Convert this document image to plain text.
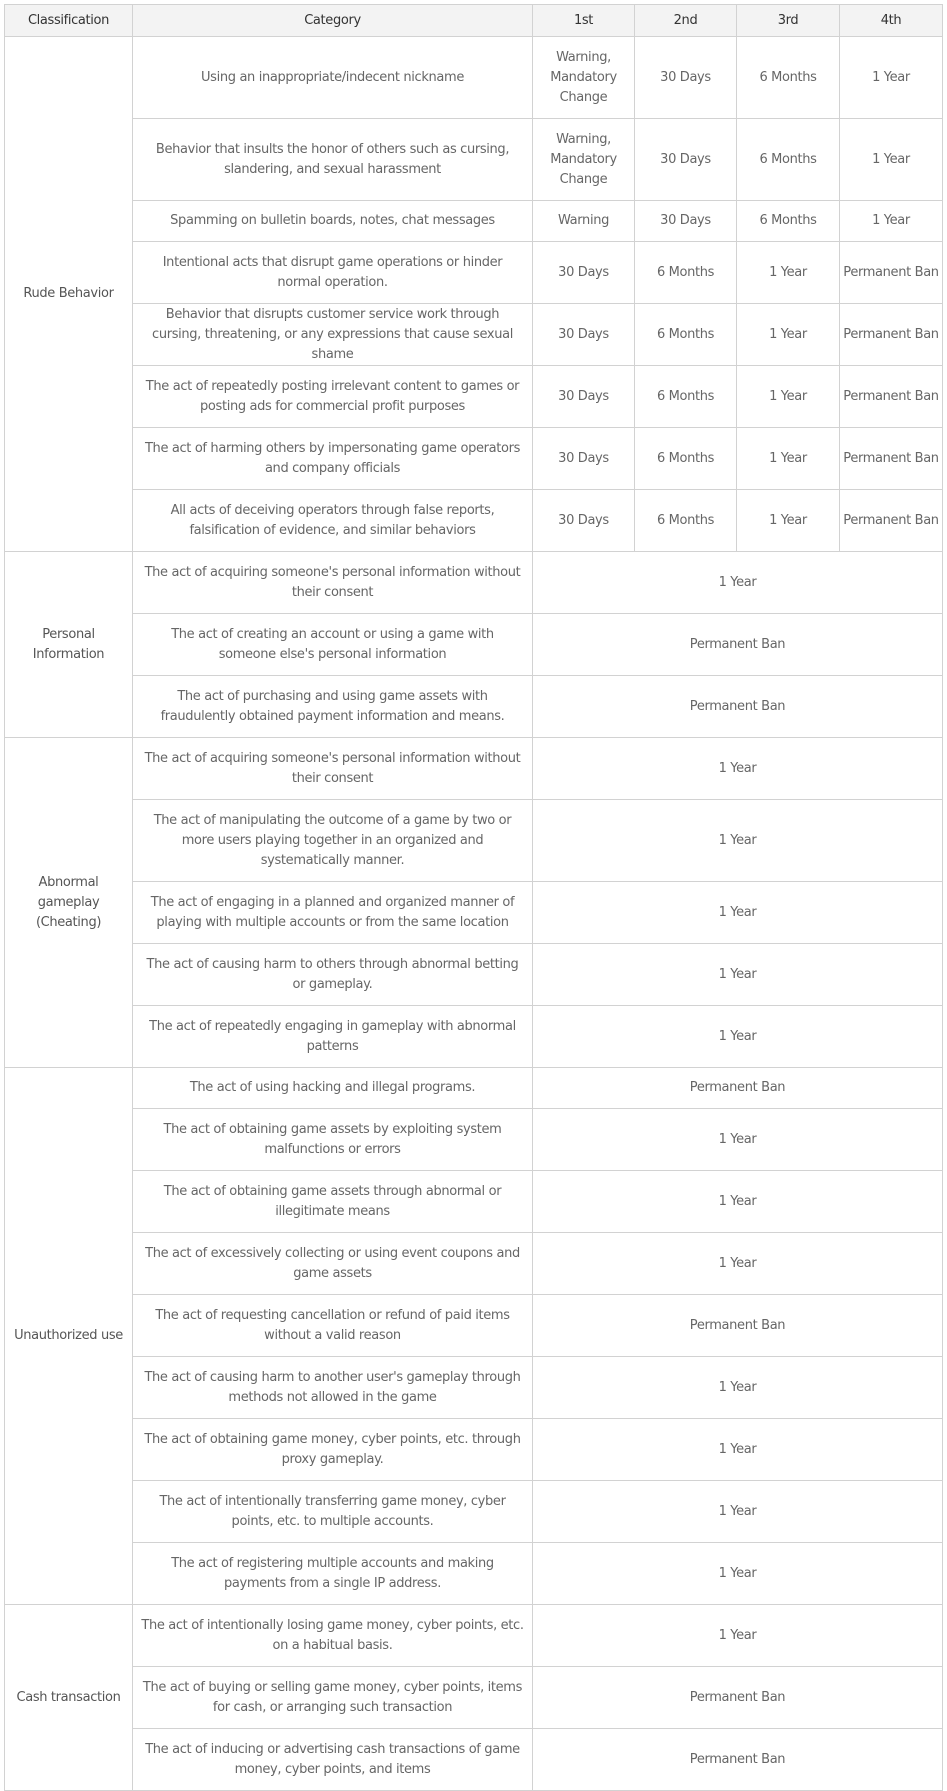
Classification	Category	1st	2nd	3rd	4th
Rude Behavior	Using an inappropriate/indecent nickname	Warning, Mandatory Change	30 Days	6 Months	1 Year
	Behavior that insults the honor of others such as cursing, slandering, and sexual harassment	Warning, Mandatory Change	30 Days	6 Months	1 Year
	Spamming on bulletin boards, notes, chat messages	Warning	30 Days	6 Months	1 Year
	Intentional acts that disrupt game operations or hinder normal operation.	30 Days	6 Months	1 Year	Permanent Ban
	Behavior that disrupts customer service work through cursing, threatening, or any expressions that cause sexual shame	30 Days	6 Months	1 Year	Permanent Ban
	The act of repeatedly posting irrelevant content to games or posting ads for commercial profit purposes	30 Days	6 Months	1 Year	Permanent Ban
	The act of harming others by impersonating game operators and company officials	30 Days	6 Months	1 Year	Permanent Ban
	All acts of deceiving operators through false reports, falsification of evidence, and similar behaviors	30 Days	6 Months	1 Year	Permanent Ban
Personal Information	The act of acquiring someone's personal information without their consent	1 Year			
	The act of creating an account or using a game with someone else's personal information	Permanent Ban			
	The act of purchasing and using game assets with fraudulently obtained payment information and means.	Permanent Ban			
Abnormal gameplay (Cheating)	The act of acquiring someone's personal information without their consent	1 Year			
	The act of manipulating the outcome of a game by two or more users playing together in an organized and systematically manner.	1 Year			
	The act of engaging in a planned and organized manner of playing with multiple accounts or from the same location	1 Year			
	The act of causing harm to others through abnormal betting or gameplay.	1 Year			
	The act of repeatedly engaging in gameplay with abnormal patterns	1 Year			
Unauthorized use	The act of using hacking and illegal programs.	Permanent Ban			
	The act of obtaining game assets by exploiting system malfunctions or errors	1 Year			
	The act of obtaining game assets through abnormal or illegitimate means	1 Year			
	The act of excessively collecting or using event coupons and game assets	1 Year			
	The act of requesting cancellation or refund of paid items without a valid reason	Permanent Ban			
	The act of causing harm to another user's gameplay through methods not allowed in the game	1 Year			
	The act of obtaining game money, cyber points, etc. through proxy gameplay.	1 Year			
	The act of intentionally transferring game money, cyber points, etc. to multiple accounts.	1 Year			
	The act of registering multiple accounts and making payments from a single IP address.	1 Year			
Cash transaction	The act of intentionally losing game money, cyber points, etc. on a habitual basis.	1 Year			
	The act of buying or selling game money, cyber points, items for cash, or arranging such transaction	Permanent Ban			
	The act of inducing or advertising cash transactions of game money, cyber points, and items	Permanent Ban			
